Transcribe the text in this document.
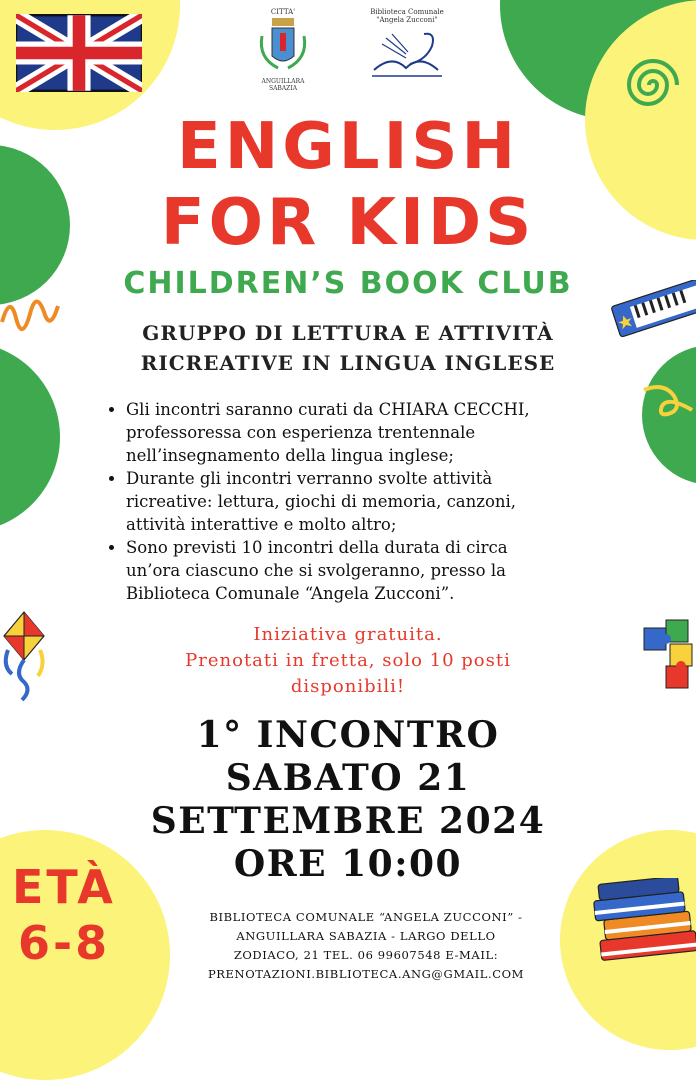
CITTA'
ANGUILLARA SABAZIA
Biblioteca Comunale
"Angela Zucconi"
ENGLISH
FOR KIDS
CHILDREN’S BOOK CLUB
GRUPPO DI LETTURA E ATTIVITÀ
RICREATIVE IN LINGUA INGLESE
• Gli incontri saranno curati da CHIARA CECCHI, professoressa con esperienza trentennale nell’insegnamento della lingua inglese;
• Durante gli incontri verranno svolte attività ricreative: lettura, giochi di memoria, canzoni, attività interattive e molto altro;
• Sono previsti 10 incontri della durata di circa un’ora ciascuno che si svolgeranno, presso la Biblioteca Comunale “Angela Zucconi”.
Iniziativa gratuita.
Prenotati in fretta, solo 10 posti
disponibili!
1° INCONTRO
SABATO 21
SETTEMBRE 2024
ORE 10:00
ETÀ
6-8	BIBLIOTECA COMUNALE “ANGELA ZUCCONI” -
ANGUILLARA SABAZIA - LARGO DELLO
ZODIACO, 21 TEL. 06 99607548 E-MAIL:
PRENOTAZIONI.BIBLIOTECA.ANG@GMAIL.COM
